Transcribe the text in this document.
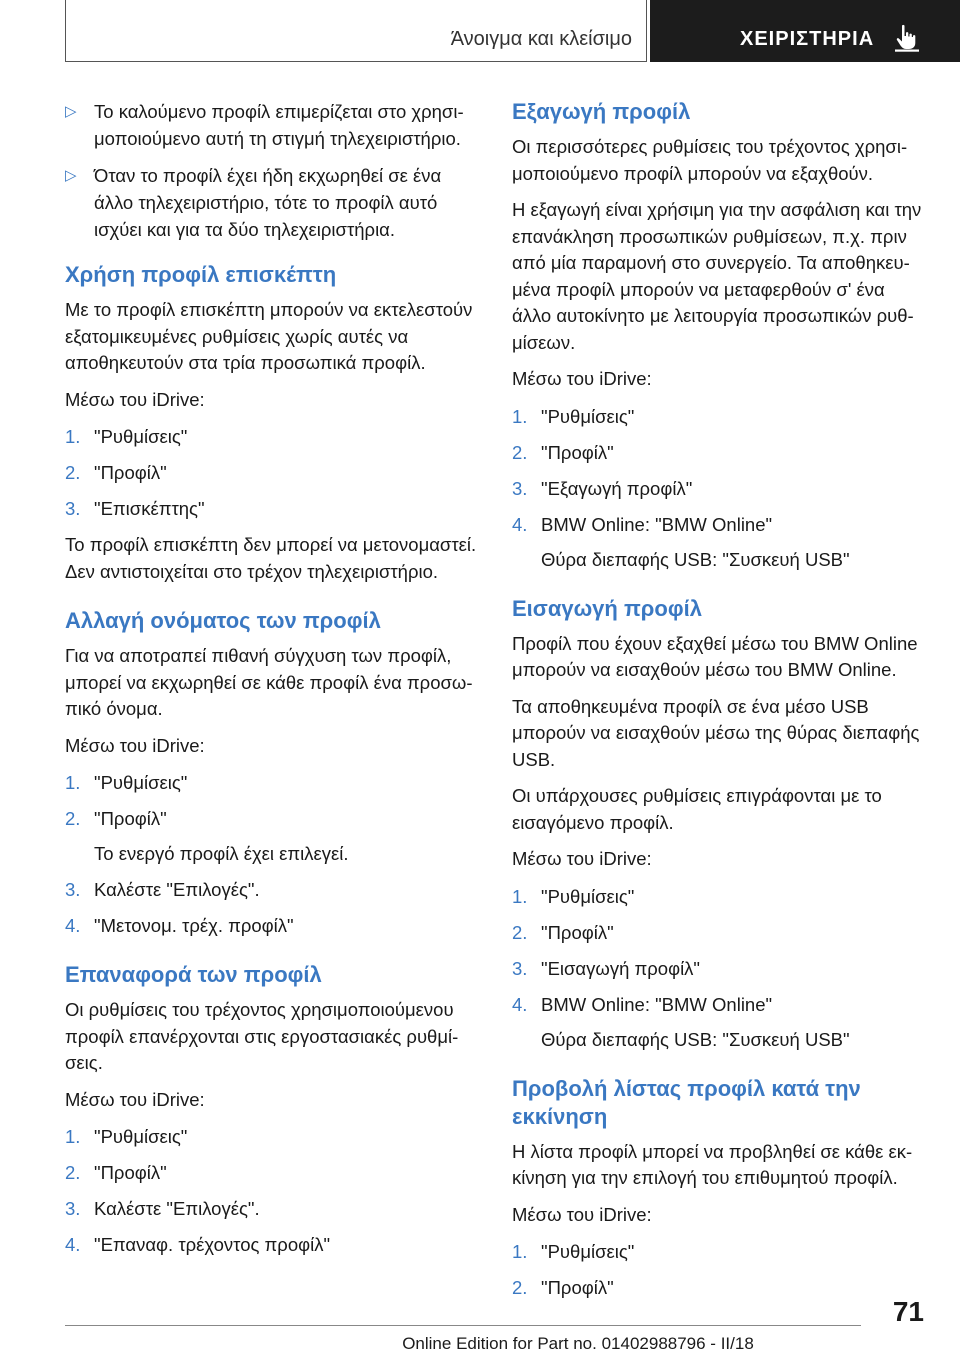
Άνοιγμα και κλείσιμο	ΧΕΙΡΙΣΤΗΡΙΑ
▷ Το καλούμενο προφίλ επιμερίζεται στο χρησιμοποιούμενο αυτή τη στιγμή τηλεχειριστήριο.
▷ Όταν το προφίλ έχει ήδη εκχωρηθεί σε ένα άλλο τηλεχειριστήριο, τότε το προφίλ αυτό ισχύει και για τα δύο τηλεχειριστήρια.
Χρήση προφίλ επισκέπτη

Με το προφίλ επισκέπτη μπορούν να εκτελεστούν εξατομικευμένες ρυθμίσεις χωρίς αυτές να αποθηκευτούν στα τρία προσωπικά προφίλ.

Μέσω του iDrive:

1. "Ρυθμίσεις"
2. "Προφίλ"
3. "Επισκέπτης"

Το προφίλ επισκέπτη δεν μπορεί να μετονομαστεί. Δεν αντιστοιχείται στο τρέχον τηλεχειριστήριο.

Αλλαγή ονόματος των προφίλ

Για να αποτραπεί πιθανή σύγχυση των προφίλ, μπορεί να εκχωρηθεί σε κάθε προφίλ ένα προσωπικό όνομα.

Μέσω του iDrive:

1. "Ρυθμίσεις"
2. "Προφίλ"
Το ενεργό προφίλ έχει επιλεγεί.
3. Καλέστε "Επιλογές".
4. "Μετονομ. τρέχ. προφίλ"
Επαναφορά των προφίλ

Οι ρυθμίσεις του τρέχοντος χρησιμοποιούμενου προφίλ επανέρχονται στις εργοστασιακές ρυθμίσεις.

Μέσω του iDrive:

1. "Ρυθμίσεις"
2. "Προφίλ"
3. Καλέστε "Επιλογές".
4. "Επαναφ. τρέχοντος προφίλ"
Εξαγωγή προφίλ

Οι περισσότερες ρυθμίσεις του τρέχοντος χρησιμοποιούμενο προφίλ μπορούν να εξαχθούν.

Η εξαγωγή είναι χρήσιμη για την ασφάλιση και την επανάκληση προσωπικών ρυθμίσεων, π.χ. πριν από μία παραμονή στο συνεργείο. Τα αποθηκευμένα προφίλ μπορούν να μεταφερθούν σ' ένα άλλο αυτοκίνητο με λειτουργία προσωπικών ρυθμίσεων.

Μέσω του iDrive:

1. "Ρυθμίσεις"
2. "Προφίλ"
3. "Εξαγωγή προφίλ"
4. BMW Online: "BMW Online"
Θύρα διεπαφής USB: "Συσκευή USB"
Εισαγωγή προφίλ

Προφίλ που έχουν εξαχθεί μέσω του BMW Online μπορούν να εισαχθούν μέσω του BMW Online.

Τα αποθηκευμένα προφίλ σε ένα μέσο USB μπορούν να εισαχθούν μέσω της θύρας διεπαφής USB.

Οι υπάρχουσες ρυθμίσεις επιγράφονται με το εισαγόμενο προφίλ.

Μέσω του iDrive:

1. "Ρυθμίσεις"
2. "Προφίλ"
3. "Εισαγωγή προφίλ"
4. BMW Online: "BMW Online"
Θύρα διεπαφής USB: "Συσκευή USB"
Προβολή λίστας προφίλ κατά την εκκίνηση

Η λίστα προφίλ μπορεί να προβληθεί σε κάθε εκκίνηση για την επιλογή του επιθυμητού προφίλ.

Μέσω του iDrive:

1. "Ρυθμίσεις"
2. "Προφίλ"
71
Online Edition for Part no. 01402988796 - II/18
